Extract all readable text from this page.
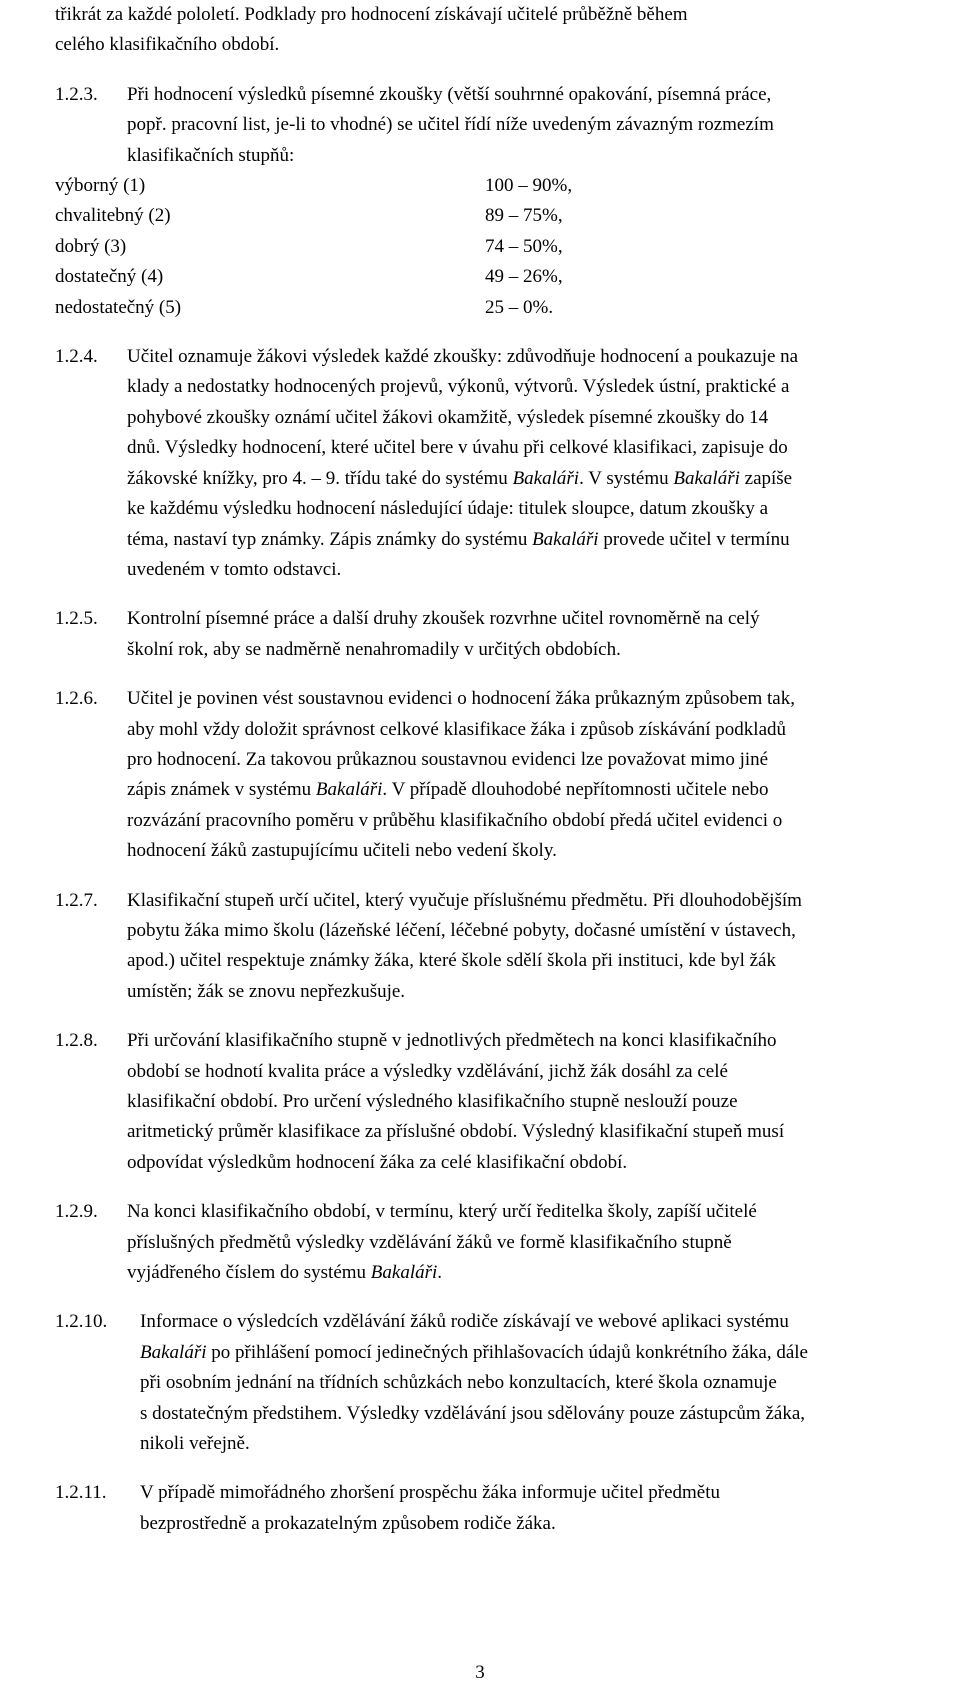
třikrát za každé pololetí. Podklady pro hodnocení získávají učitelé průběžně během
celého klasifikačního období.
1.2.3.	Při hodnocení výsledků písemné zkoušky (větší souhrnné opakování, písemná práce,
popř. pracovní list, je-li to vhodné) se učitel řídí níže uvedeným závazným rozmezím
klasifikačních stupňů:
výborný (1)	100 – 90%,
chvalitebný (2)	89 – 75%,
dobrý (3)	74 – 50%,
dostatečný (4)	49 – 26%,
nedostatečný (5)	25 – 0%.
1.2.4.	Učitel oznamuje žákovi výsledek každé zkoušky: zdůvodňuje hodnocení a poukazuje na
klady a nedostatky hodnocených projevů, výkonů, výtvorů. Výsledek ústní, praktické a
pohybové zkoušky oznámí učitel žákovi okamžitě, výsledek písemné zkoušky do 14
dnů. Výsledky hodnocení, které učitel bere v úvahu při celkové klasifikaci, zapisuje do
žákovské knížky, pro 4. – 9. třídu také do systému Bakaláři. V systému Bakaláři zapíše
ke každému výsledku hodnocení následující údaje: titulek sloupce, datum zkoušky a
téma, nastaví typ známky. Zápis známky do systému Bakaláři provede učitel v termínu
uvedeném v tomto odstavci.
1.2.5.	Kontrolní písemné práce a další druhy zkoušek rozvrhne učitel rovnoměrně na celý
školní rok, aby se nadměrně nenahromadily v určitých obdobích.
1.2.6.	Učitel je povinen vést soustavnou evidenci o hodnocení žáka průkazným způsobem tak,
aby mohl vždy doložit správnost celkové klasifikace žáka i způsob získávání podkladů
pro hodnocení. Za takovou průkaznou soustavnou evidenci lze považovat mimo jiné
zápis známek v systému Bakaláři. V případě dlouhodobé nepřítomnosti učitele nebo
rozvázání pracovního poměru v průběhu klasifikačního období předá učitel evidenci o
hodnocení žáků zastupujícímu učiteli nebo vedení školy.
1.2.7.	Klasifikační stupeň určí učitel, který vyučuje příslušnému předmětu. Při dlouhodobějším
pobytu žáka mimo školu (lázeňské léčení, léčebné pobyty, dočasné umístění v ústavech,
apod.) učitel respektuje známky žáka, které škole sdělí škola při instituci, kde byl žák
umístěn; žák se znovu nepřezkušuje.
1.2.8.	Při určování klasifikačního stupně v jednotlivých předmětech na konci klasifikačního
období se hodnotí kvalita práce a výsledky vzdělávání, jichž žák dosáhl za celé
klasifikační období. Pro určení výsledného klasifikačního stupně neslouží pouze
aritmetický průměr klasifikace za příslušné období. Výsledný klasifikační stupeň musí
odpovídat výsledkům hodnocení žáka za celé klasifikační období.
1.2.9.	Na konci klasifikačního období, v termínu, který určí ředitelka školy, zapíší učitelé
příslušných předmětů výsledky vzdělávání žáků ve formě klasifikačního stupně
vyjádřeného číslem do systému Bakaláři.
1.2.10.	Informace o výsledcích vzdělávání žáků rodiče získávají ve webové aplikaci systému
Bakaláři po přihlášení pomocí jedinečných přihlašovacích údajů konkrétního žáka, dále
při osobním jednání na třídních schůzkách nebo konzultacích, které škola oznamuje
s dostatečným předstihem. Výsledky vzdělávání jsou sdělovány pouze zástupcům žáka,
nikoli veřejně.
1.2.11.	V případě mimořádného zhoršení prospěchu žáka informuje učitel předmětu
bezprostředně a prokazatelným způsobem rodiče žáka.
3
